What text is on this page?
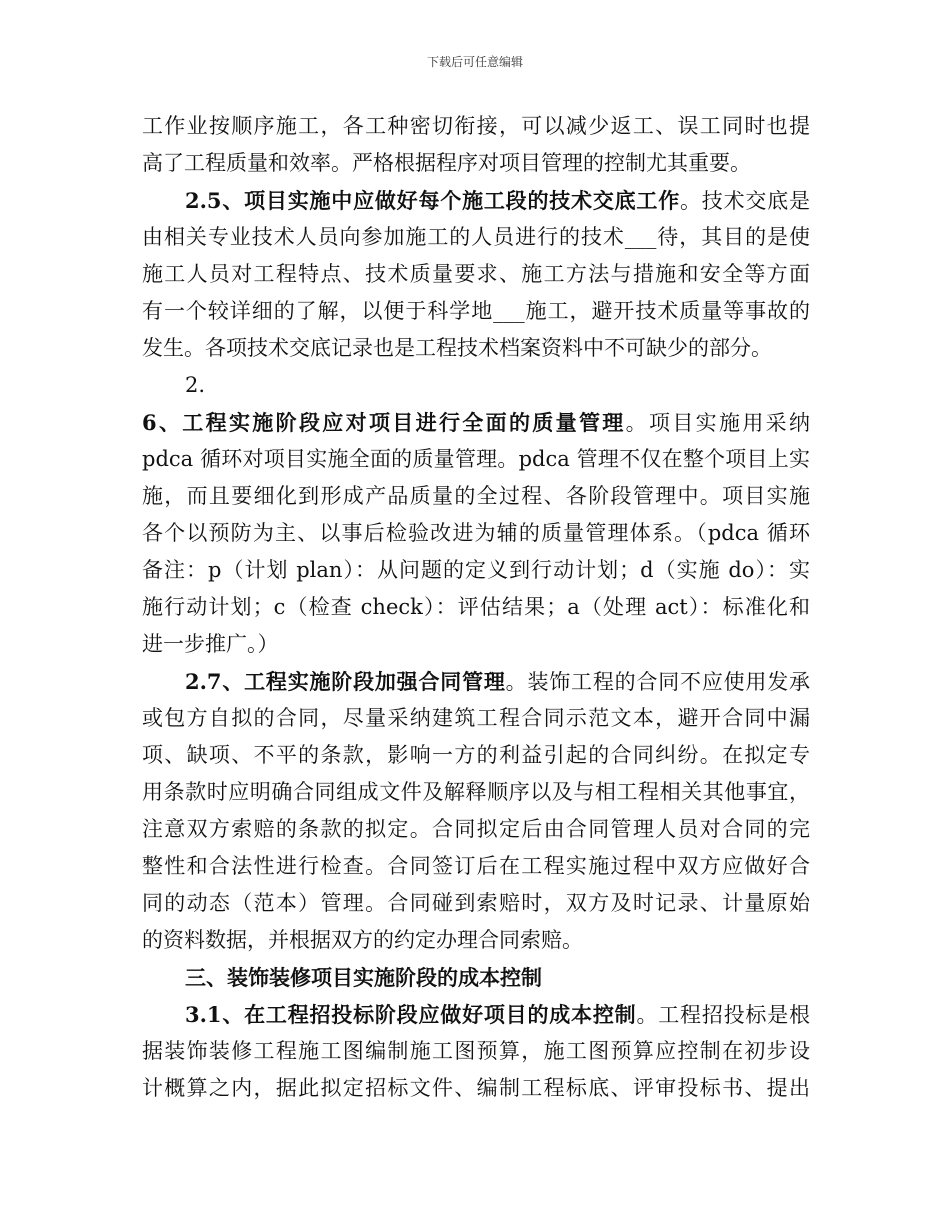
下载后可任意编辑
工作业按顺序施工，各工种密切衔接，可以减少返工、误工同时也提
高了工程质量和效率。严格根据程序对项目管理的控制尤其重要。
2.5、项目实施中应做好每个施工段的技术交底工作。技术交底是
由相关专业技术人员向参加施工的人员进行的技术___待，其目的是使
施工人员对工程特点、技术质量要求、施工方法与措施和安全等方面
有一个较详细的了解，以便于科学地___施工，避开技术质量等事故的
发生。各项技术交底记录也是工程技术档案资料中不可缺少的部分。
2.
6、工程实施阶段应对项目进行全面的质量管理。项目实施用采纳
pdca 循环对项目实施全面的质量管理。pdca 管理不仅在整个项目上实
施，而且要细化到形成产品质量的全过程、各阶段管理中。项目实施
各个以预防为主、以事后检验改进为辅的质量管理体系。（pdca 循环
备注：p（计划 plan）：从问题的定义到行动计划；d（实施 do）：实
施行动计划；c（检查 check）：评估结果；a（处理 act）：标准化和
进一步推广。）
2.7、工程实施阶段加强合同管理。装饰工程的合同不应使用发承
或包方自拟的合同，尽量采纳建筑工程合同示范文本，避开合同中漏
项、缺项、不平的条款，影响一方的利益引起的合同纠纷。在拟定专
用条款时应明确合同组成文件及解释顺序以及与相工程相关其他事宜，
注意双方索赔的条款的拟定。合同拟定后由合同管理人员对合同的完
整性和合法性进行检查。合同签订后在工程实施过程中双方应做好合
同的动态（范本）管理。合同碰到索赔时，双方及时记录、计量原始
的资料数据，并根据双方的约定办理合同索赔。
三、装饰装修项目实施阶段的成本控制
3.1、在工程招投标阶段应做好项目的成本控制。工程招投标是根
据装饰装修工程施工图编制施工图预算，施工图预算应控制在初步设
计概算之内，据此拟定招标文件、编制工程标底、评审投标书、提出
